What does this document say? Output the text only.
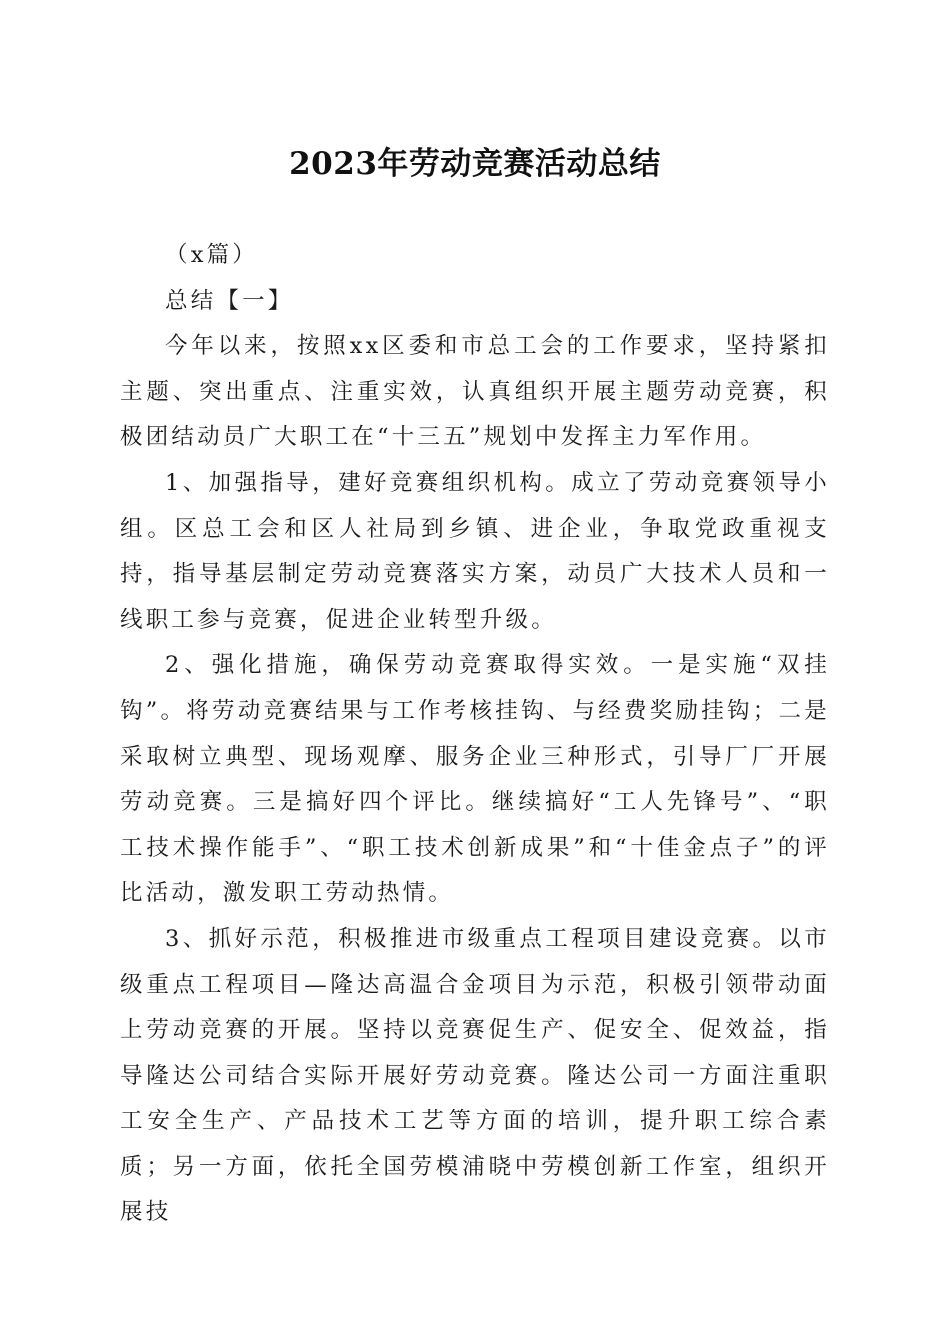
2023年劳动竞赛活动总结

（x篇）

总结【一】

今年以来，按照xx区委和市总工会的工作要求，坚持紧扣主题、突出重点、注重实效，认真组织开展主题劳动竞赛，积极团结动员广大职工在“十三五”规划中发挥主力军作用。

1、加强指导，建好竞赛组织机构。成立了劳动竞赛领导小组。区总工会和区人社局到乡镇、进企业，争取党政重视支持，指导基层制定劳动竞赛落实方案，动员广大技术人员和一线职工参与竞赛，促进企业转型升级。

2、强化措施，确保劳动竞赛取得实效。一是实施“双挂钩”。将劳动竞赛结果与工作考核挂钩、与经费奖励挂钩；二是采取树立典型、现场观摩、服务企业三种形式，引导厂厂开展劳动竞赛。三是搞好四个评比。继续搞好“工人先锋号”、“职工技术操作能手”、“职工技术创新成果”和“十佳金点子”的评比活动，激发职工劳动热情。

3、抓好示范，积极推进市级重点工程项目建设竞赛。以市级重点工程项目—隆达高温合金项目为示范，积极引领带动面上劳动竞赛的开展。坚持以竞赛促生产、促安全、促效益，指导隆达公司结合实际开展好劳动竞赛。隆达公司一方面注重职工安全生产、产品技术工艺等方面的培训，提升职工综合素质；另一方面，依托全国劳模浦晓中劳模创新工作室，组织开展技
